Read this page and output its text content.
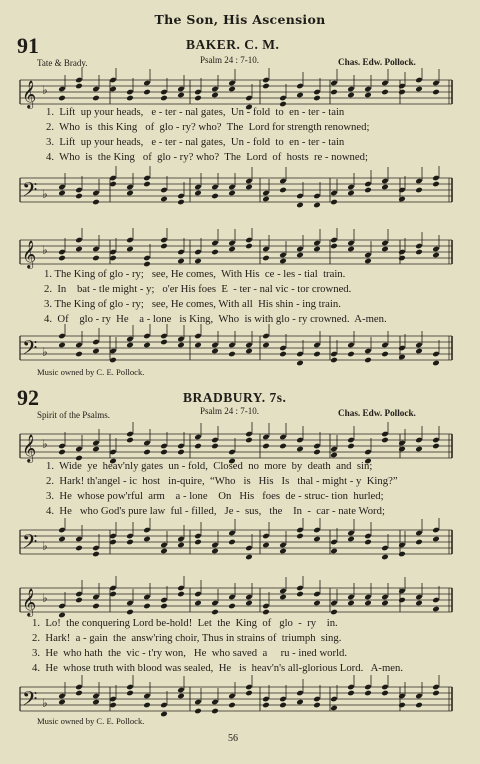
The Son, His Ascension
91	BAKER. C. M.
Tate & Brady.	Psalm 24 : 7-10.	Chas. Edw. Pollock.
𝄞 ♭
1.  Lift  up your heads,   e - ter - nal gates,  Un - fold  to  en - ter - tain
2.  Who  is  this King   of  glo - ry? who?  The  Lord for strength renowned;
3.  Lift  up your heads,   e - ter - nal gates,  Un - fold  to  en - ter - tain
4.  Who  is  the King   of  glo - ry? who?  The  Lord  of  hosts  re - nowned;
𝄢 ♭
𝄞 ♭
1. The King of glo - ry;   see, He comes,  With His  ce - les - tial  train.
2.  In    bat - tle might - y;   o'er His foes  E  - ter - nal vic - tor crowned.
3. The King of glo - ry;   see, He comes, With all  His shin - ing train.
4.  Of    glo - ry  He    a - lone   is King,  Who  is with glo - ry crowned.  A-men.
𝄢 ♭
Music owned by C. E. Pollock.
92	BRADBURY. 7s.
Spirit of the Psalms.	Psalm 24 : 7-10.	Chas. Edw. Pollock.
𝄞 ♭
1.  Wide  ye  heav'nly gates  un - fold,  Closed  no  more  by  death  and  sin;
2.  Hark! th'angel - ic  host   in-quire,  “Who   is   His   Is   thal - might - y  King?”
3.  He  whose pow'rful  arm    a - lone    On   His   foes  de - struc- tion  hurled;
4.  He   who God's pure law  ful - filled,   Je -  sus,   the    In  -  car - nate Word;
𝄢 ♭
𝄞 ♭
1.  Lo!  the conquering Lord be-hold!  Let  the  King  of   glo  -  ry    in.
2.  Hark!  a - gain  the  answ'ring choir, Thus in strains of  triumph  sing.
3.  He  who hath  the  vic - t'ry won,   He  who saved  a     ru - ined world.
4.  He  whose truth with blood was sealed,  He   is  heav'n's all-glorious Lord.   A-men.
𝄢 ♭
Music owned by C. E. Pollock.
56
